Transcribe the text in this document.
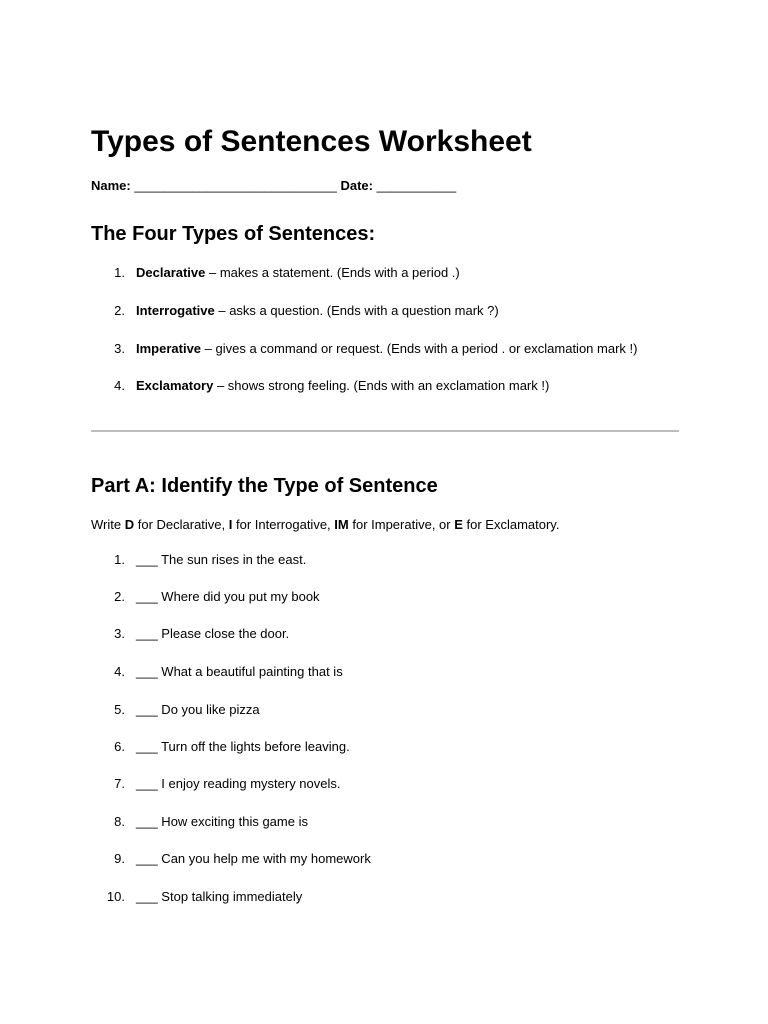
Types of Sentences Worksheet
Name: ____________________________ Date: ___________
The Four Types of Sentences:
1. Declarative – makes a statement. (Ends with a period .)
2. Interrogative – asks a question. (Ends with a question mark ?)
3. Imperative – gives a command or request. (Ends with a period . or exclamation mark !)
4. Exclamatory – shows strong feeling. (Ends with an exclamation mark !)
Part A: Identify the Type of Sentence
Write D for Declarative, I for Interrogative, IM for Imperative, or E for Exclamatory.
1. ___ The sun rises in the east.
2. ___ Where did you put my book
3. ___ Please close the door.
4. ___ What a beautiful painting that is
5. ___ Do you like pizza
6. ___ Turn off the lights before leaving.
7. ___ I enjoy reading mystery novels.
8. ___ How exciting this game is
9. ___ Can you help me with my homework
10. ___ Stop talking immediately
